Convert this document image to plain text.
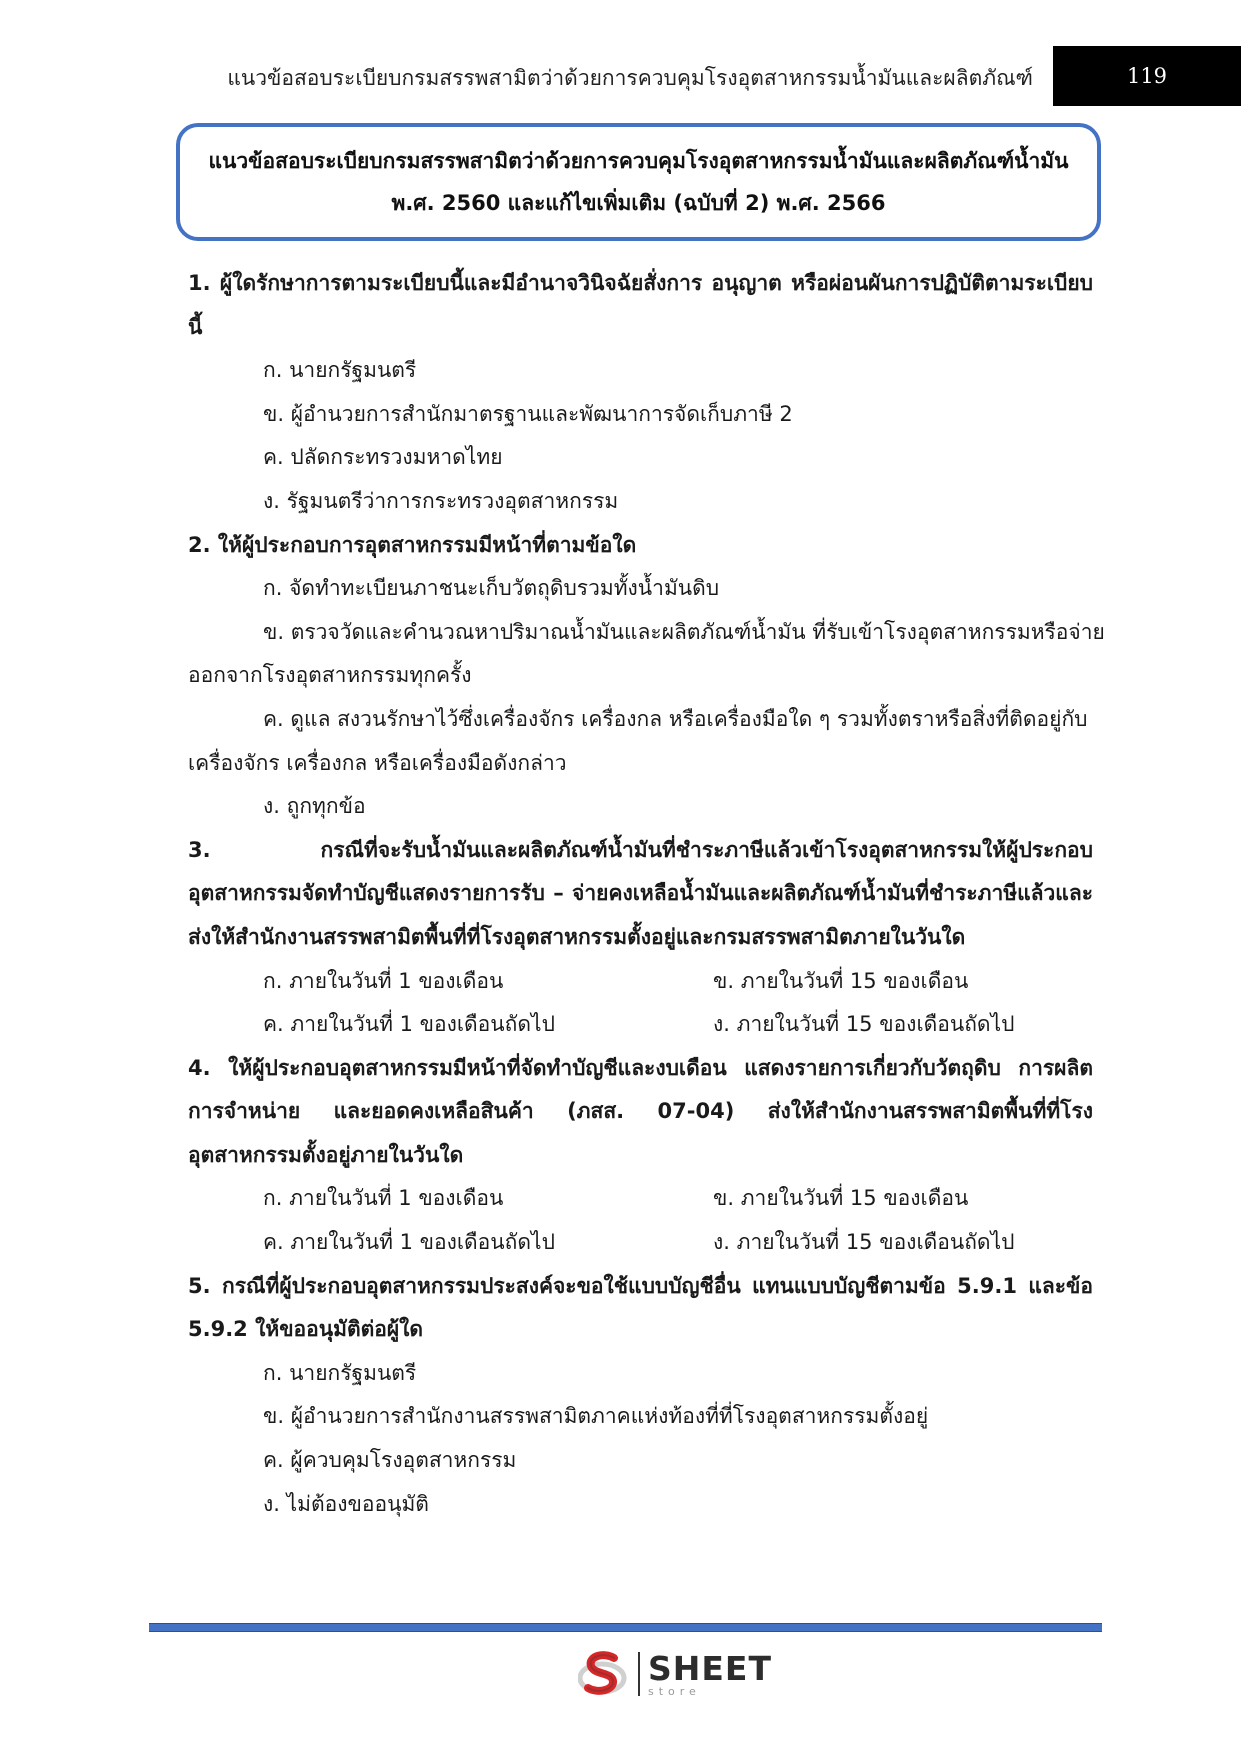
แนวข้อสอบระเบียบกรมสรรพสามิตว่าด้วยการควบคุมโรงอุตสาหกรรมน้ำมันและผลิตภัณฑ์	119
แนวข้อสอบระเบียบกรมสรรพสามิตว่าด้วยการควบคุมโรงอุตสาหกรรมน้ำมันและผลิตภัณฑ์น้ำมัน
พ.ศ. 2560 และแก้ไขเพิ่มเติม (ฉบับที่ 2) พ.ศ. 2566
1. ผู้ใดรักษาการตามระเบียบนี้และมีอำนาจวินิจฉัยสั่งการ อนุญาต หรือผ่อนผันการปฏิบัติตามระเบียบนี้
ก. นายกรัฐมนตรี
ข. ผู้อำนวยการสำนักมาตรฐานและพัฒนาการจัดเก็บภาษี 2
ค. ปลัดกระทรวงมหาดไทย
ง. รัฐมนตรีว่าการกระทรวงอุตสาหกรรม
2. ให้ผู้ประกอบการอุตสาหกรรมมีหน้าที่ตามข้อใด
ก. จัดทำทะเบียนภาชนะเก็บวัตถุดิบรวมทั้งน้ำมันดิบ
ข. ตรวจวัดและคำนวณหาปริมาณน้ำมันและผลิตภัณฑ์น้ำมัน ที่รับเข้าโรงอุตสาหกรรมหรือจ่าย
ออกจากโรงอุตสาหกรรมทุกครั้ง
ค. ดูแล สงวนรักษาไว้ซึ่งเครื่องจักร เครื่องกล หรือเครื่องมือใด ๆ รวมทั้งตราหรือสิ่งที่ติดอยู่กับ
เครื่องจักร เครื่องกล หรือเครื่องมือดังกล่าว
ง. ถูกทุกข้อ
3. กรณีที่จะรับน้ำมันและผลิตภัณฑ์น้ำมันที่ชำระภาษีแล้วเข้าโรงอุตสาหกรรมให้ผู้ประกอบอุตสาหกรรมจัดทำบัญชีแสดงรายการรับ – จ่ายคงเหลือน้ำมันและผลิตภัณฑ์น้ำมันที่ชำระภาษีแล้วและส่งให้สำนักงานสรรพสามิตพื้นที่ที่โรงอุตสาหกรรมตั้งอยู่และกรมสรรพสามิตภายในวันใด
ก. ภายในวันที่ 1 ของเดือน	ข. ภายในวันที่ 15 ของเดือน
ค. ภายในวันที่ 1 ของเดือนถัดไป	ง. ภายในวันที่ 15 ของเดือนถัดไป
4. ให้ผู้ประกอบอุตสาหกรรมมีหน้าที่จัดทำบัญชีและงบเดือน แสดงรายการเกี่ยวกับวัตถุดิบ การผลิต การจำหน่าย และยอดคงเหลือสินค้า (ภสส. 07-04) ส่งให้สำนักงานสรรพสามิตพื้นที่ที่โรงอุตสาหกรรมตั้งอยู่ภายในวันใด
ก. ภายในวันที่ 1 ของเดือน	ข. ภายในวันที่ 15 ของเดือน
ค. ภายในวันที่ 1 ของเดือนถัดไป	ง. ภายในวันที่ 15 ของเดือนถัดไป
5. กรณีที่ผู้ประกอบอุตสาหกรรมประสงค์จะขอใช้แบบบัญชีอื่น แทนแบบบัญชีตามข้อ 5.9.1 และข้อ 5.9.2 ให้ขออนุมัติต่อผู้ใด
ก. นายกรัฐมนตรี
ข. ผู้อำนวยการสำนักงานสรรพสามิตภาคแห่งท้องที่ที่โรงอุตสาหกรรมตั้งอยู่
ค. ผู้ควบคุมโรงอุตสาหกรรม
ง. ไม่ต้องขออนุมัติ
SHEET
store
